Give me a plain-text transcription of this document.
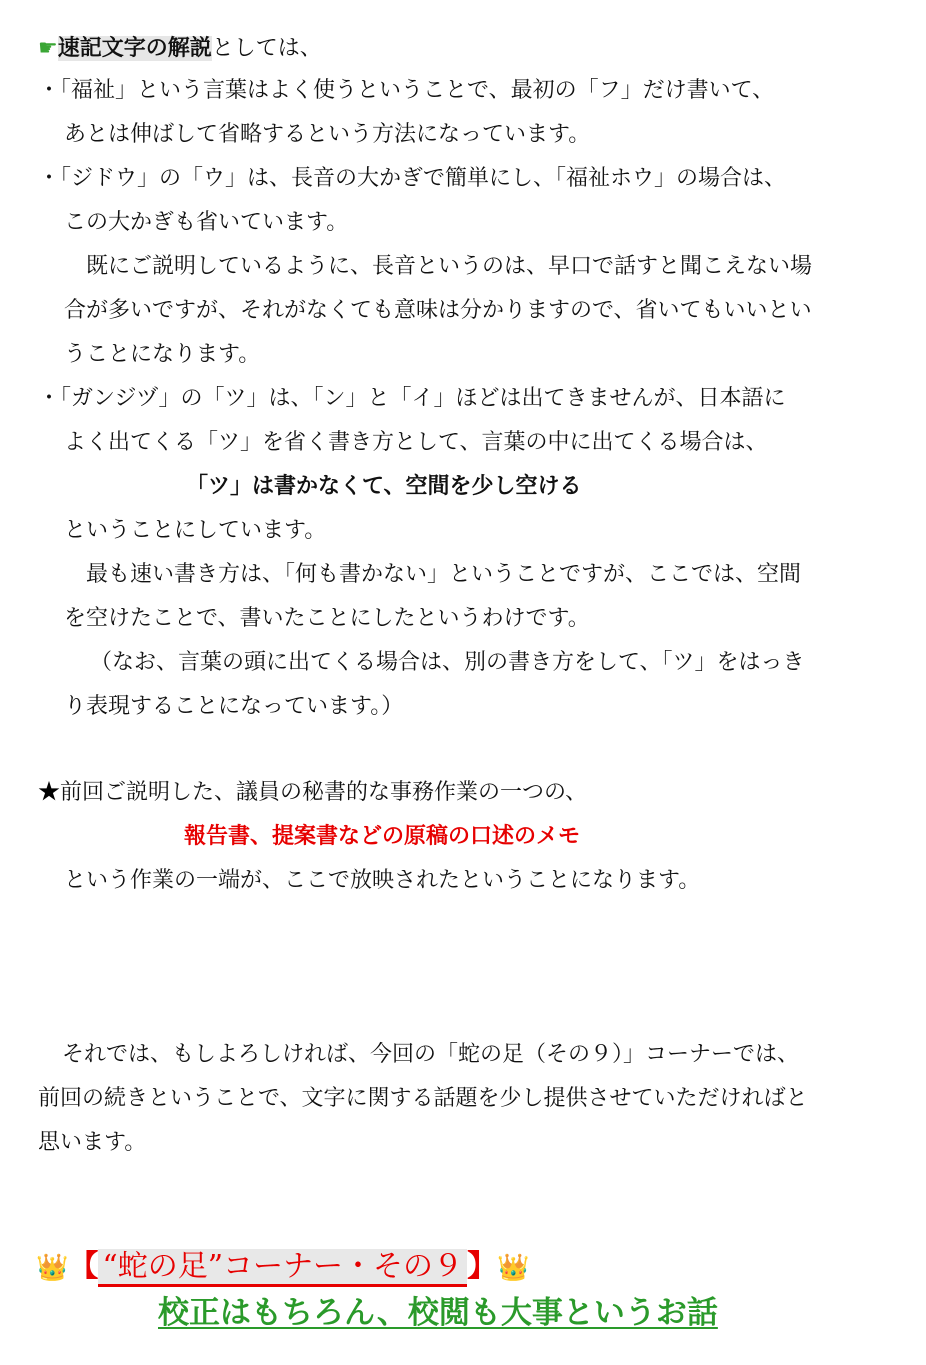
☛速記文字の解説としては、
・「福祉」という言葉はよく使うということで、最初の「フ」だけ書いて、
あとは伸ばして省略するという方法になっています。
・「ジドウ」の「ウ」は、長音の大かぎで簡単にし、「福祉ホウ」の場合は、
この大かぎも省いています。
既にご説明しているように、長音というのは、早口で話すと聞こえない場
合が多いですが、それがなくても意味は分かりますので、省いてもいいとい
うことになります。
・「ガンジヅ」の「ツ」は、「ン」と「イ」ほどは出てきませんが、日本語に
よく出てくる「ツ」を省く書き方として、言葉の中に出てくる場合は、
「ツ」は書かなくて、空間を少し空ける
ということにしています。
最も速い書き方は、「何も書かない」ということですが、ここでは、空間
を空けたことで、書いたことにしたというわけです。
（なお、言葉の頭に出てくる場合は、別の書き方をして、「ツ」をはっき
り表現することになっています。）
★前回ご説明した、議員の秘書的な事務作業の一つの、
報告書、提案書などの原稿の口述のメモ
という作業の一端が、ここで放映されたということになります。
それでは、もしよろしければ、今回の「蛇の足（その９）」コーナーでは、
前回の続きということで、文字に関する話題を少し提供させていただければと
思います。
👑【 “蛇の足”コーナー・その９ 】👑
校正はもちろん、校閲も大事というお話
